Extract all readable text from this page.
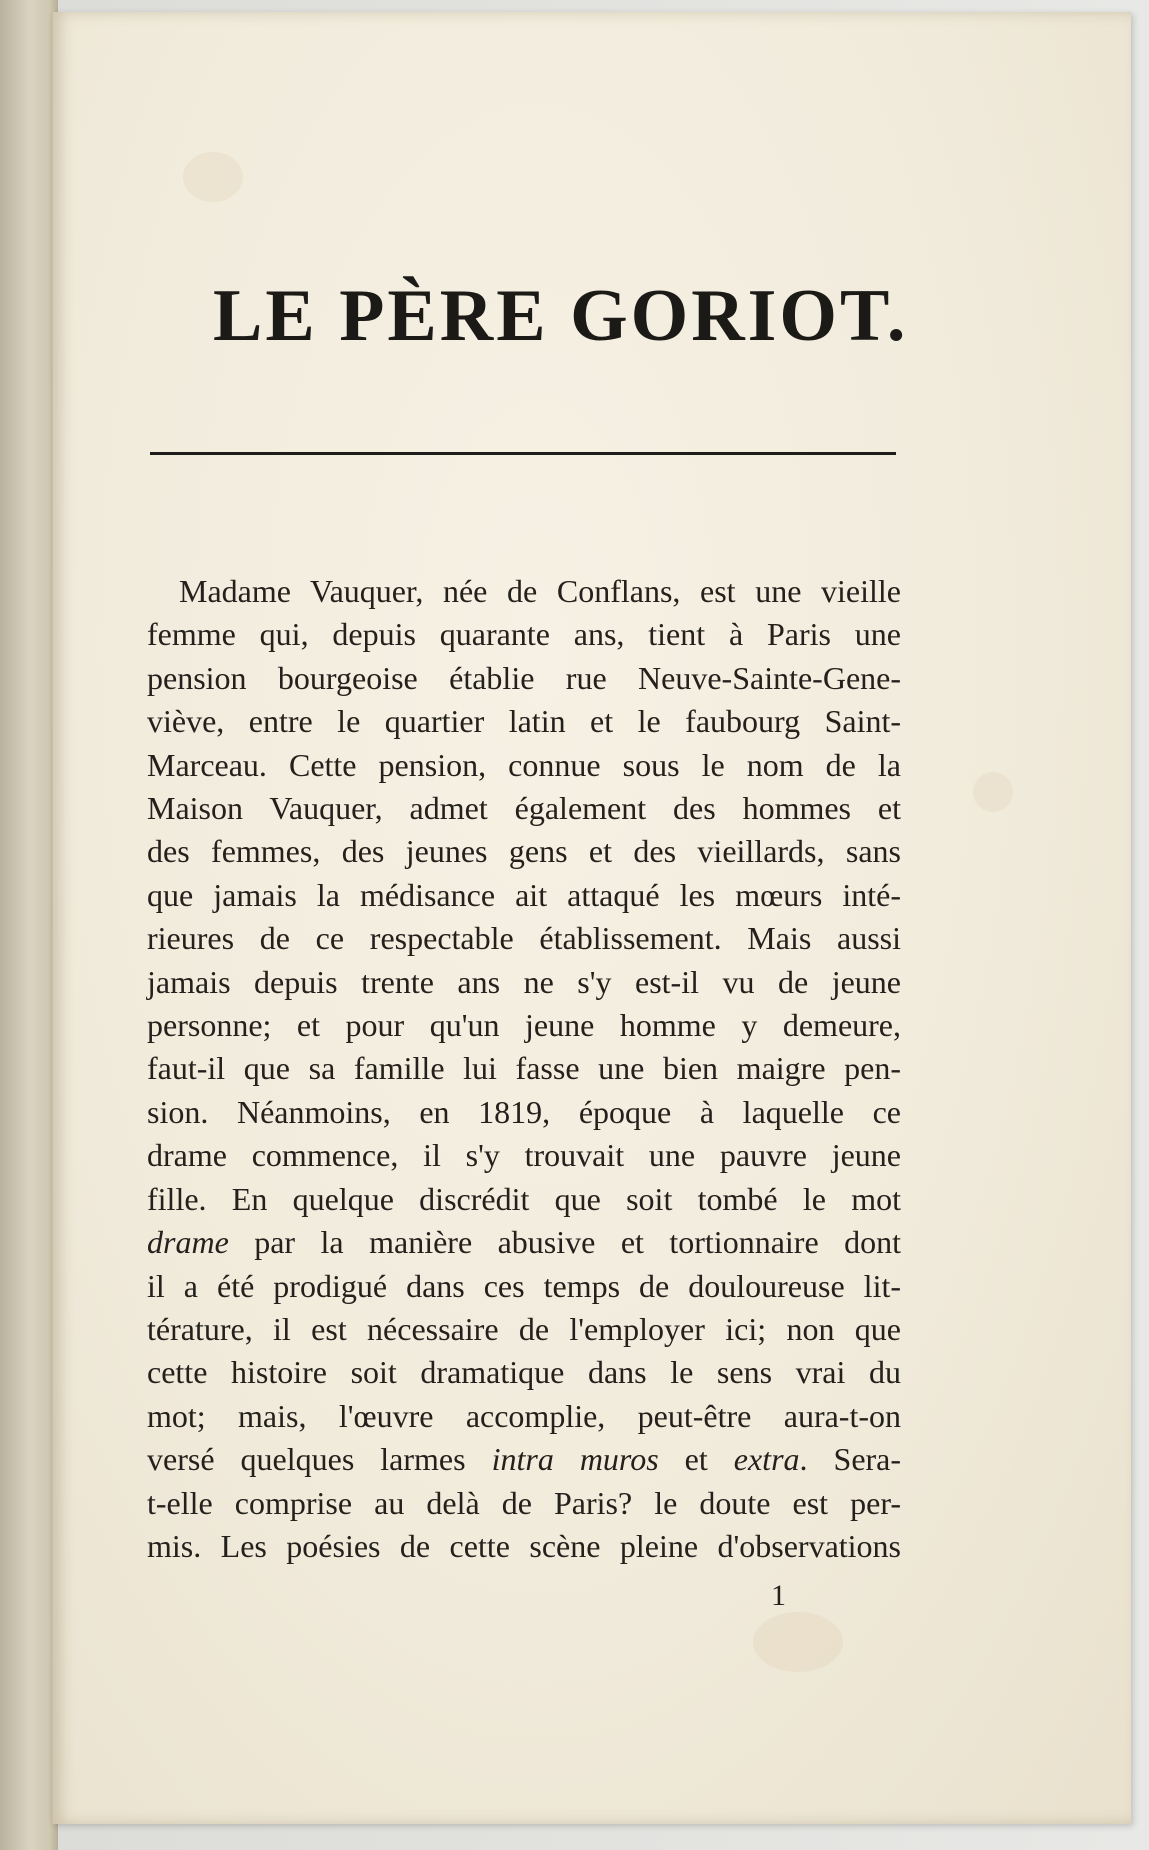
LE PÈRE GORIOT.
Madame Vauquer, née de Conflans, est une vieille
femme qui, depuis quarante ans, tient à Paris une
pension bourgeoise établie rue Neuve-Sainte-Gene-
viève, entre le quartier latin et le faubourg Saint-
Marceau. Cette pension, connue sous le nom de la
Maison Vauquer, admet également des hommes et
des femmes, des jeunes gens et des vieillards, sans
que jamais la médisance ait attaqué les mœurs inté-
rieures de ce respectable établissement. Mais aussi
jamais depuis trente ans ne s'y est-il vu de jeune
personne; et pour qu'un jeune homme y demeure,
faut-il que sa famille lui fasse une bien maigre pen-
sion. Néanmoins, en 1819, époque à laquelle ce
drame commence, il s'y trouvait une pauvre jeune
fille. En quelque discrédit que soit tombé le mot
drame par la manière abusive et tortionnaire dont
il a été prodigué dans ces temps de douloureuse lit-
térature, il est nécessaire de l'employer ici; non que
cette histoire soit dramatique dans le sens vrai du
mot; mais, l'œuvre accomplie, peut-être aura-t-on
versé quelques larmes intra muros et extra. Sera-
t-elle comprise au delà de Paris? le doute est per-
mis. Les poésies de cette scène pleine d'observations
1
